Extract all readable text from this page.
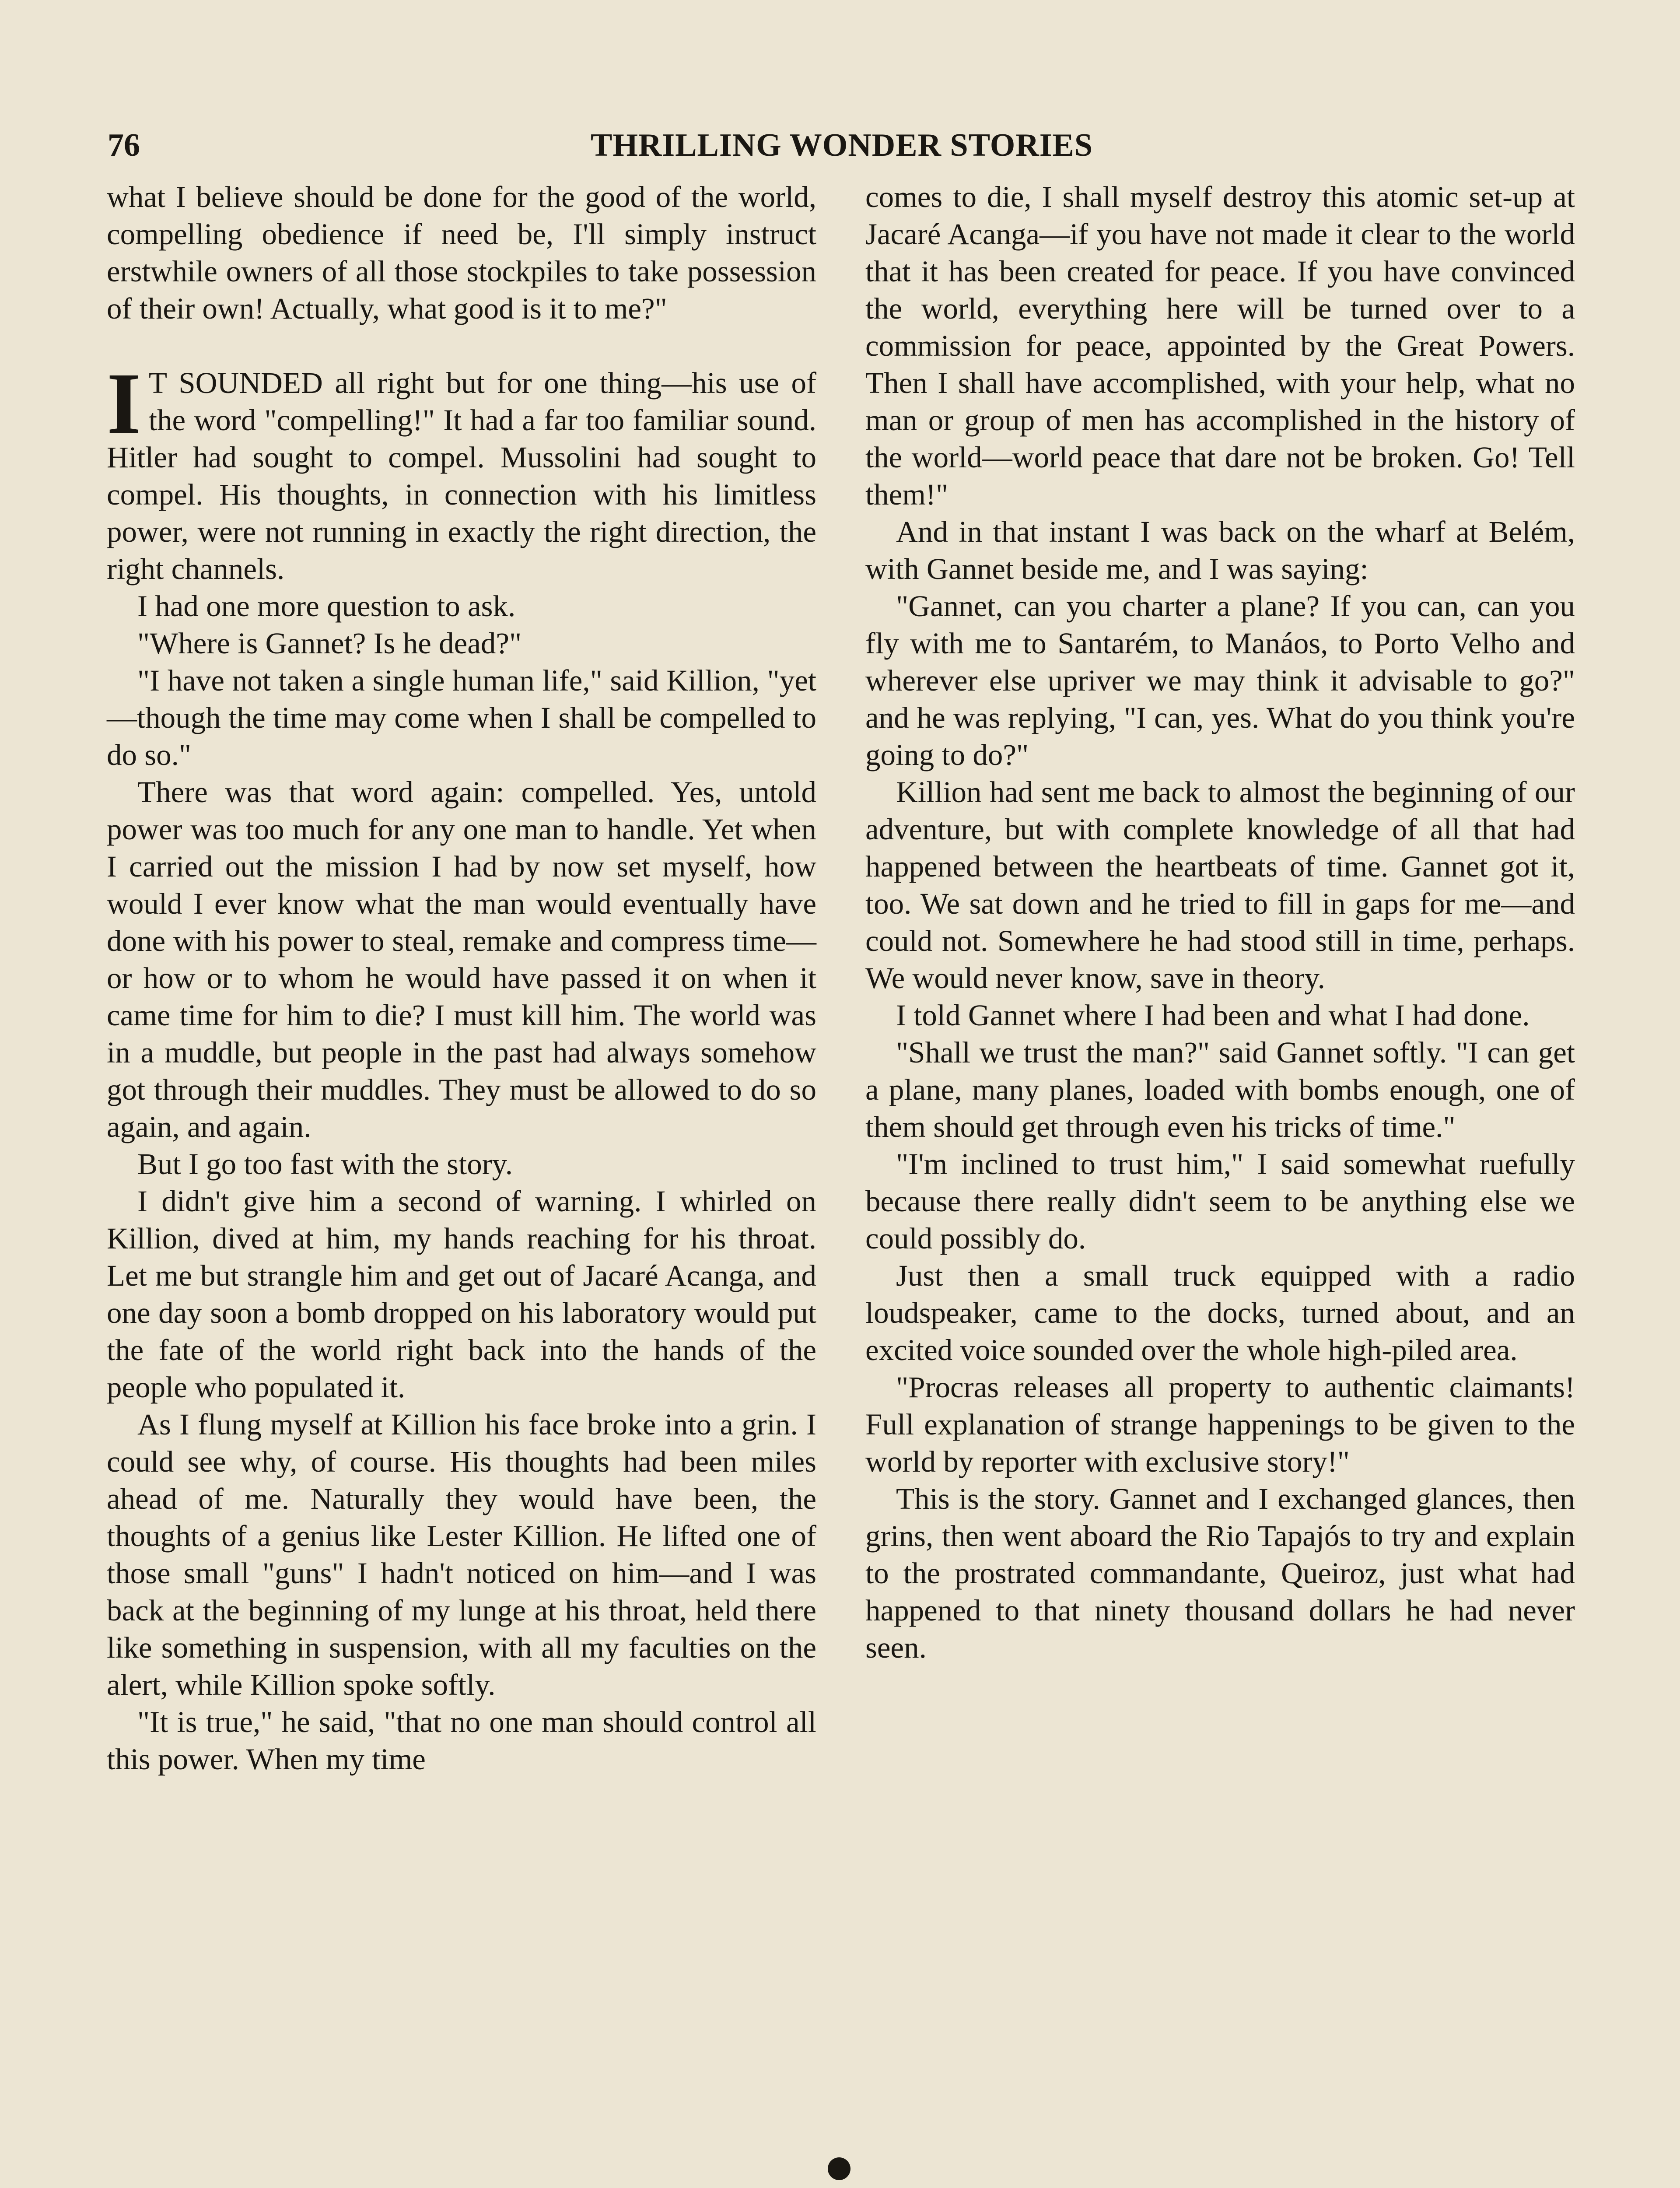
76	THRILLING WONDER STORIES

what I believe should be done for the good of the world, compelling obedience if need be, I'll simply instruct erstwhile owners of all those stockpiles to take possession of their own! Actually, what good is it to me?"

I T SOUNDED all right but for one thing—his use of the word "compelling!" It had a far too familiar sound. Hitler had sought to compel. Mussolini had sought to compel. His thoughts, in connection with his limitless power, were not running in exactly the right direction, the right channels.

I had one more question to ask.

"Where is Gannet? Is he dead?"

"I have not taken a single human life," said Killion, "yet—though the time may come when I shall be compelled to do so."

There was that word again: compelled. Yes, untold power was too much for any one man to handle. Yet when I carried out the mission I had by now set myself, how would I ever know what the man would eventually have done with his power to steal, remake and compress time—or how or to whom he would have passed it on when it came time for him to die? I must kill him. The world was in a muddle, but people in the past had always somehow got through their muddles. They must be allowed to do so again, and again.

But I go too fast with the story.

I didn't give him a second of warning. I whirled on Killion, dived at him, my hands reaching for his throat. Let me but strangle him and get out of Jacaré Acanga, and one day soon a bomb dropped on his laboratory would put the fate of the world right back into the hands of the people who populated it.

As I flung myself at Killion his face broke into a grin. I could see why, of course. His thoughts had been miles ahead of me. Naturally they would have been, the thoughts of a genius like Lester Killion. He lifted one of those small "guns" I hadn't noticed on him—and I was back at the beginning of my lunge at his throat, held there like something in suspension, with all my faculties on the alert, while Killion spoke softly.

"It is true," he said, "that no one man should control all this power. When my time

comes to die, I shall myself destroy this atomic set-up at Jacaré Acanga—if you have not made it clear to the world that it has been created for peace. If you have convinced the world, everything here will be turned over to a commission for peace, appointed by the Great Powers. Then I shall have accomplished, with your help, what no man or group of men has accomplished in the history of the world—world peace that dare not be broken. Go! Tell them!"

And in that instant I was back on the wharf at Belém, with Gannet beside me, and I was saying:

"Gannet, can you charter a plane? If you can, can you fly with me to Santarém, to Manáos, to Porto Velho and wherever else upriver we may think it advisable to go?" and he was replying, "I can, yes. What do you think you're going to do?"

Killion had sent me back to almost the beginning of our adventure, but with complete knowledge of all that had happened between the heartbeats of time. Gannet got it, too. We sat down and he tried to fill in gaps for me—and could not. Somewhere he had stood still in time, perhaps. We would never know, save in theory.

I told Gannet where I had been and what I had done.

"Shall we trust the man?" said Gannet softly. "I can get a plane, many planes, loaded with bombs enough, one of them should get through even his tricks of time."

"I'm inclined to trust him," I said somewhat ruefully because there really didn't seem to be anything else we could possibly do.

Just then a small truck equipped with a radio loudspeaker, came to the docks, turned about, and an excited voice sounded over the whole high-piled area.

"Procras releases all property to authentic claimants! Full explanation of strange happenings to be given to the world by reporter with exclusive story!"

This is the story. Gannet and I exchanged glances, then grins, then went aboard the Rio Tapajós to try and explain to the prostrated commandante, Queiroz, just what had happened to that ninety thousand dollars he had never seen.
